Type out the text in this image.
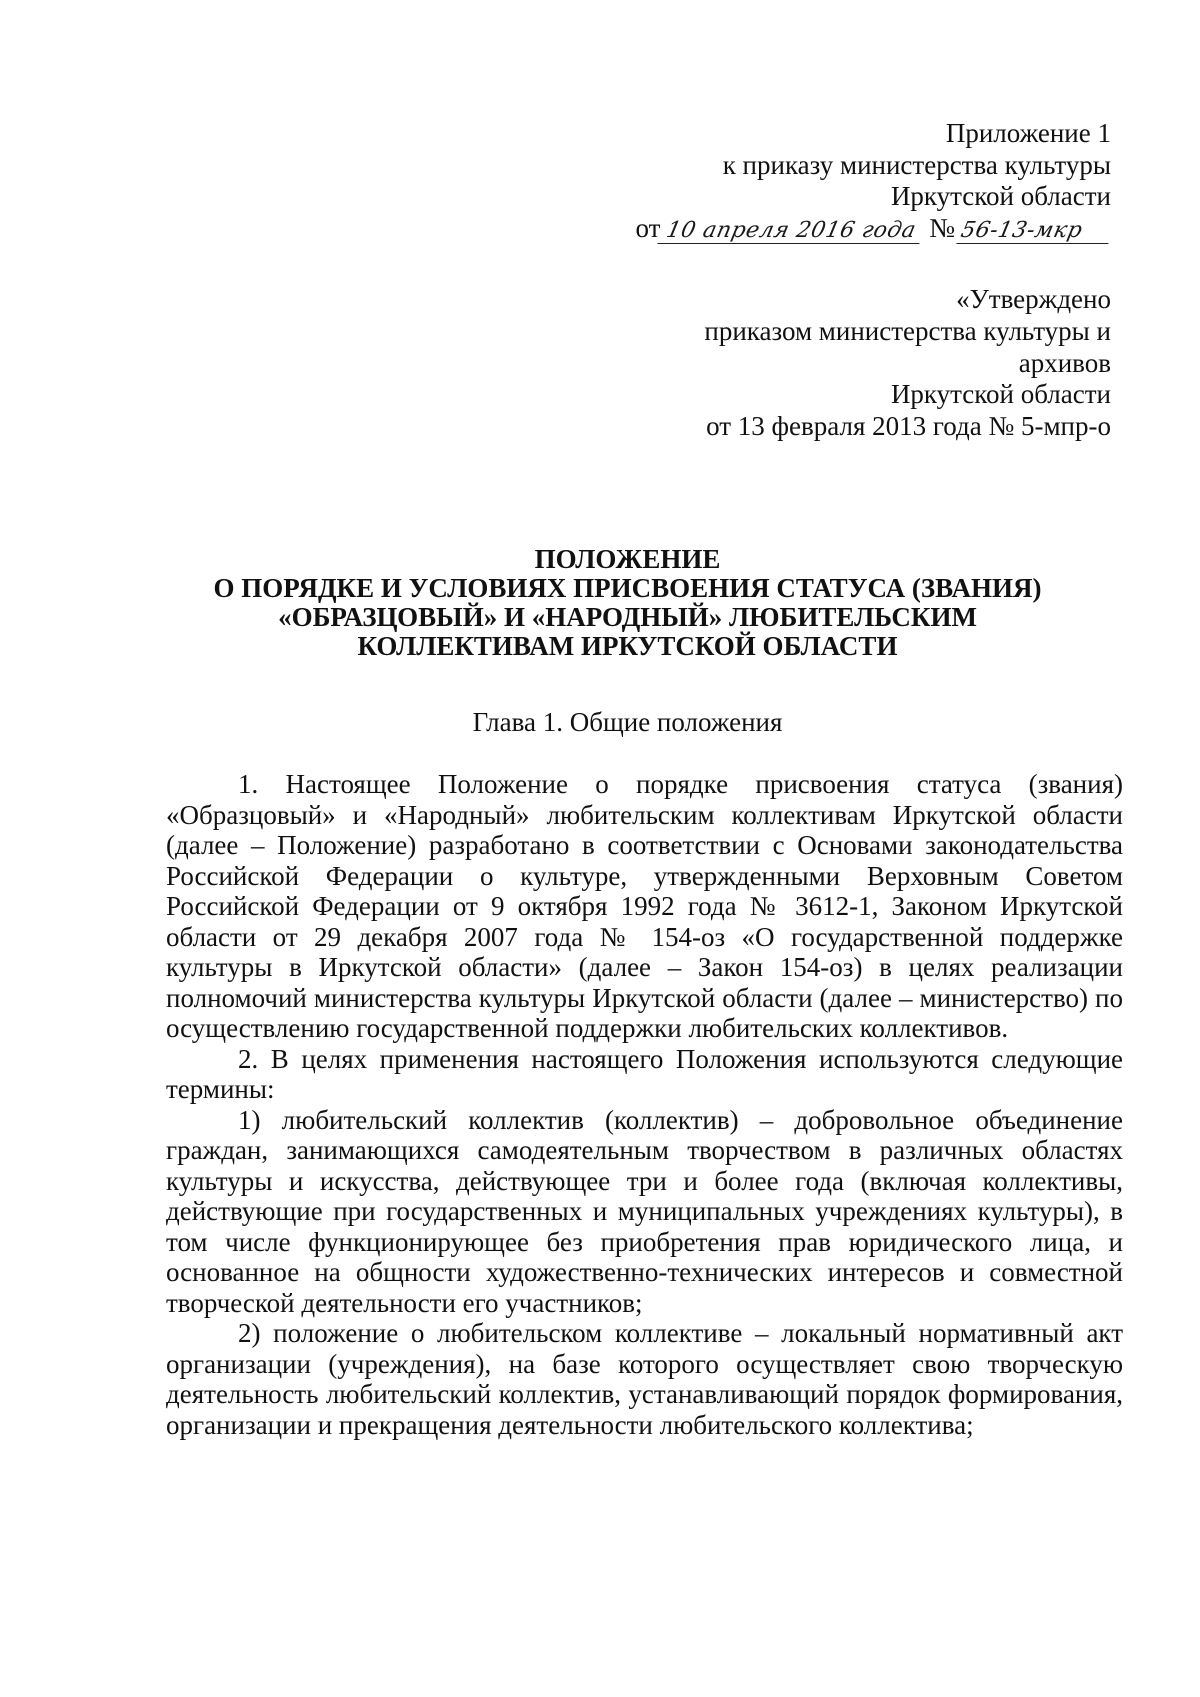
Приложение 1
к приказу министерства культуры
Иркутской области
от 10 апреля 2016 года № 56-13-мкр
«Утверждено
приказом министерства культуры и
архивов
Иркутской области
от 13 февраля 2013 года № 5-мпр-о
ПОЛОЖЕНИЕ
О ПОРЯДКЕ И УСЛОВИЯХ ПРИСВОЕНИЯ СТАТУСА (ЗВАНИЯ)
«ОБРАЗЦОВЫЙ» И «НАРОДНЫЙ» ЛЮБИТЕЛЬСКИМ
КОЛЛЕКТИВАМ ИРКУТСКОЙ ОБЛАСТИ
Глава 1. Общие положения

1. Настоящее Положение о порядке присвоения статуса (звания) «Образцовый» и «Народный» любительским коллективам Иркутской области (далее – Положение) разработано в соответствии с Основами законодательства Российской Федерации о культуре, утвержденными Верховным Советом Российской Федерации от 9 октября 1992 года № 3612-1, Законом Иркутской области от 29 декабря 2007 года № 154-оз «О государственной поддержке культуры в Иркутской области» (далее – Закон 154-оз) в целях реализации полномочий министерства культуры Иркутской области (далее – министерство) по осуществлению государственной поддержки любительских коллективов.

2. В целях применения настоящего Положения используются следующие термины:

1) любительский коллектив (коллектив) – добровольное объединение граждан, занимающихся самодеятельным творчеством в различных областях культуры и искусства, действующее три и более года (включая коллективы, действующие при государственных и муниципальных учреждениях культуры), в том числе функционирующее без приобретения прав юридического лица, и основанное на общности художественно-технических интересов и совместной творческой деятельности его участников;

2) положение о любительском коллективе – локальный нормативный акт организации (учреждения), на базе которого осуществляет свою творческую деятельность любительский коллектив, устанавливающий порядок формирования, организации и прекращения деятельности любительского коллектива;
